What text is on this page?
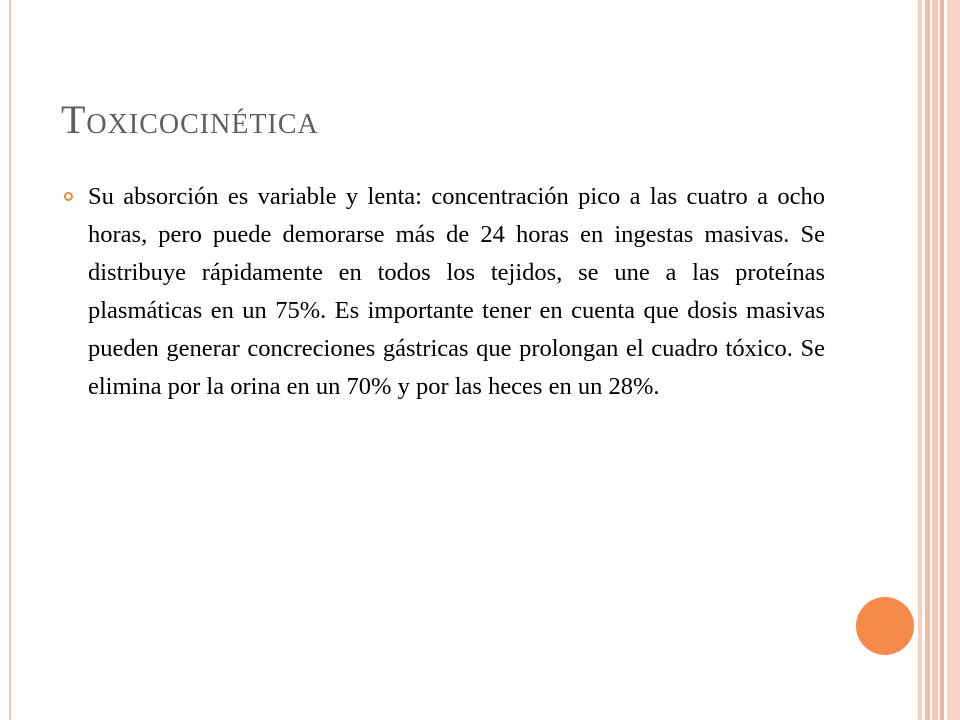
Toxicocinética

Su absorción es variable y lenta: concentración pico a las cuatro a ocho horas, pero puede demorarse más de 24 horas en ingestas masivas. Se distribuye rápidamente en todos los tejidos, se une a las proteínas plasmáticas en un 75%. Es importante tener en cuenta que dosis masivas pueden generar concreciones gástricas que prolongan el cuadro tóxico. Se elimina por la orina en un 70% y por las heces en un 28%.
